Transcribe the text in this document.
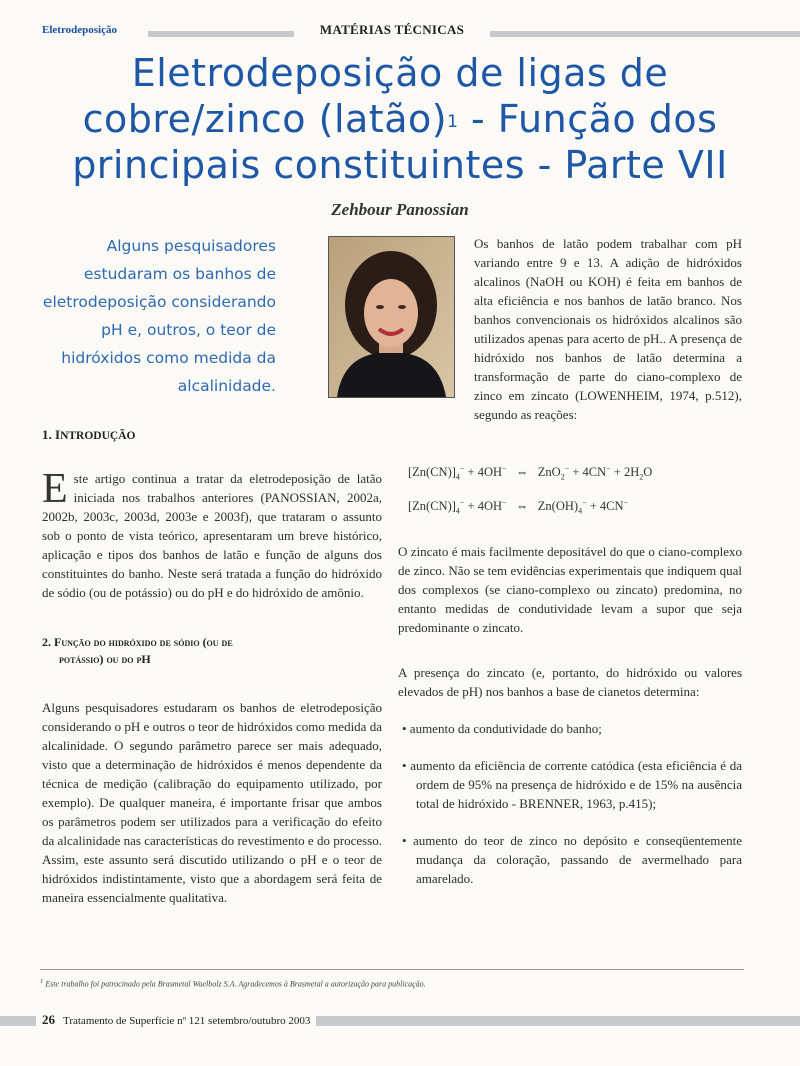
Eletrodeposição	MATÉRIAS TÉCNICAS
Eletrodeposição de ligas de
cobre/zinco (latão)$^1$ - Função dos
principais constituintes - Parte VII
Zehbour Panossian
Alguns pesquisadores estudaram os banhos de eletrodeposição considerando pH e, outros, o teor de hidróxidos como medida da alcalinidade.

1. INTRODUÇÃO

Este artigo continua a tratar da eletrodeposição de latão iniciada nos trabalhos anteriores (PANOSSIAN, 2002a, 2002b, 2003c, 2003d, 2003e e 2003f), que trataram o assunto sob o ponto de vista teórico, apresentaram um breve histórico, aplicação e tipos dos banhos de latão e função de alguns dos constituintes do banho. Neste será tratada a função do hidróxido de sódio (ou de potássio) ou do pH e do hidróxido de amônio.

2. Função do hidróxido de sódio (ou de
potássio) ou do pH

Alguns pesquisadores estudaram os banhos de eletrodeposição considerando o pH e outros o teor de hidróxidos como medida da alcalinidade. O segundo parâmetro parece ser mais adequado, visto que a determinação de hidróxidos é menos dependente da técnica de medição (calibração do equipamento utilizado, por exemplo). De qualquer maneira, é importante frisar que ambos os parâmetros podem ser utilizados para a verificação do efeito da alcalinidade nas características do revestimento e do processo. Assim, este assunto será discutido utilizando o pH e o teor de hidróxidos indistintamente, visto que a abordagem será feita de maneira essencialmente qualitativa.

Os banhos de latão podem trabalhar com pH variando entre 9 e 13. A adição de hidróxidos alcalinos (NaOH ou KOH) é feita em banhos de alta eficiência e nos banhos de latão branco. Nos banhos convencionais os hidróxidos alcalinos são utilizados apenas para acerto de pH.. A presença de hidróxido nos banhos de latão determina a transformação de parte do ciano-complexo de zinco em zincato (LOWENHEIM, 1974, p.512), segundo as reações:

$[Zn(CN)]_4^- + 4OH^-$ ⇔ $ZnO_2^- + 4CN^- + 2H_2O$
$[Zn(CN)]_4^- + 4OH^-$ ⇔ $Zn(OH)_4^- + 4CN^-$

O zincato é mais facilmente depositável do que o ciano-complexo de zinco. Não se tem evidências experimentais que indiquem qual dos complexos (se ciano-complexo ou zincato) predomina, no entanto medidas de condutividade levam a supor que seja predominante o zincato.

A presença do zincato (e, portanto, do hidróxido ou valores elevados de pH) nos banhos a base de cianetos determina:

• aumento da condutividade do banho;

• aumento da eficiência de corrente catódica (esta eficiência é da ordem de 95% na presença de hidróxido e de 15% na ausência total de hidróxido - BRENNER, 1963, p.415);

• aumento do teor de zinco no depósito e conseqüentemente mudança da coloração, passando de avermelhado para amarelado.

$^1$ Este trabalho foi patrocinado pela Brasmetal Waelbolz S.A. Agradecemos à Brasmetal a autorização para publicação.
26 Tratamento de Superfície nº 121 setembro/outubro 2003
